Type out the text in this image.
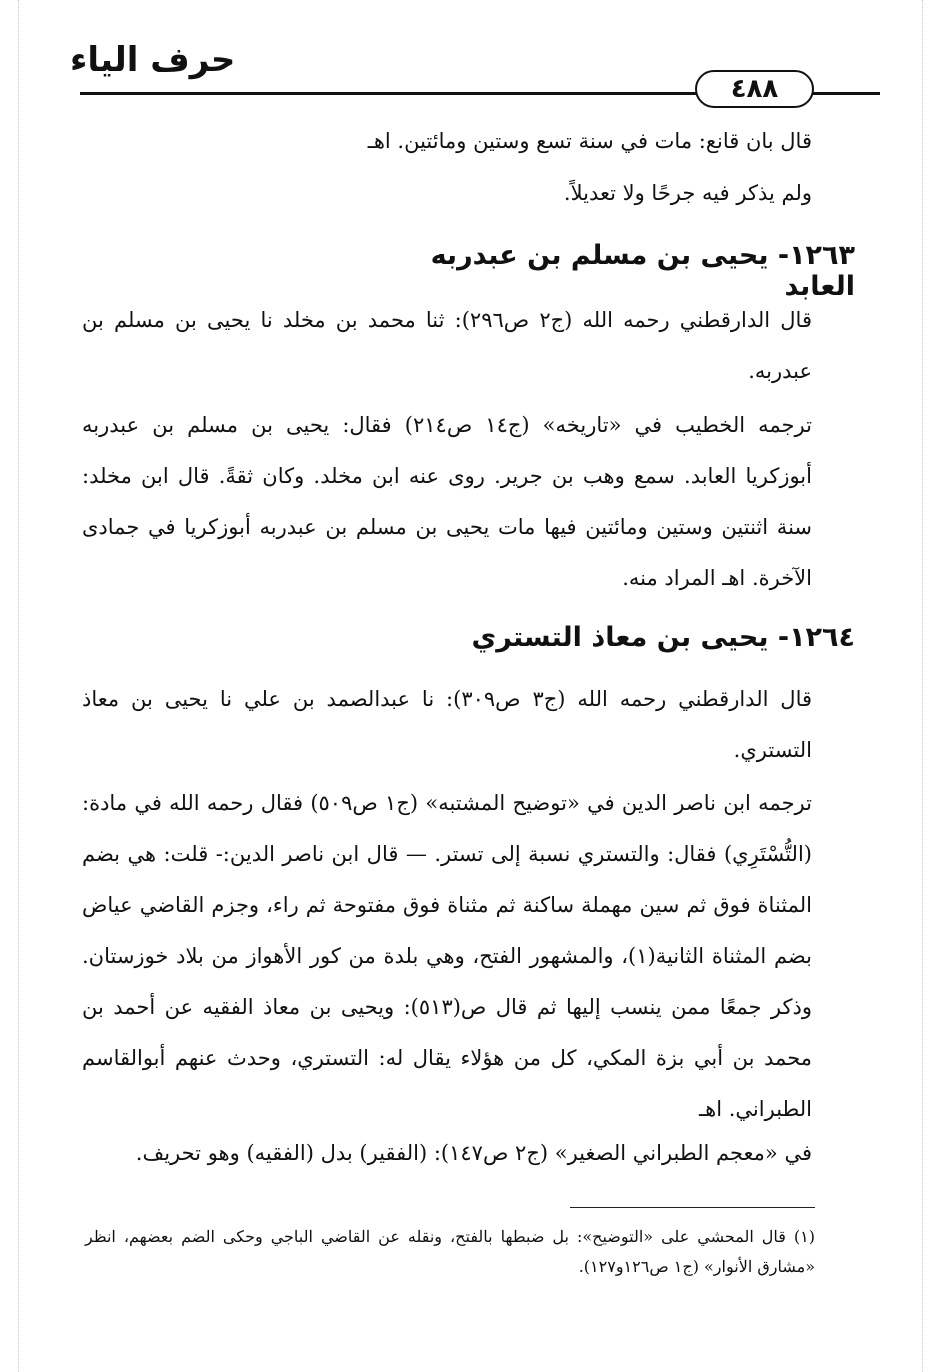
حرف الياء
٤٨٨
قال بان قانع: مات في سنة تسع وستين ومائتين. اهـ
ولم يذكر فيه جرحًا ولا تعديلاً.
١٢٦٣- يحيى بن مسلم بن عبدربه العابد
قال الدارقطني رحمه الله (ج٢ ص٢٩٦): ثنا محمد بن مخلد نا يحيى بن مسلم بن عبدربه.
ترجمه الخطيب في «تاريخه» (ج١٤ ص٢١٤) فقال: يحيى بن مسلم بن عبدربه أبوزكريا العابد. سمع وهب بن جرير. روى عنه ابن مخلد. وكان ثقةً. قال ابن مخلد: سنة اثنتين وستين ومائتين فيها مات يحيى بن مسلم بن عبدربه أبوزكريا في جمادى الآخرة. اهـ المراد منه.
١٢٦٤- يحيى بن معاذ التستري
قال الدارقطني رحمه الله (ج٣ ص٣٠٩): نا عبدالصمد بن علي نا يحيى بن معاذ التستري.
ترجمه ابن ناصر الدين في «توضيح المشتبه» (ج١ ص٥٠٩) فقال رحمه الله في مادة: (التُّسْتَرِي) فقال: والتستري نسبة إلى تستر. — قال ابن ناصر الدين:- قلت: هي بضم المثناة فوق ثم سين مهملة ساكنة ثم مثناة فوق مفتوحة ثم راء، وجزم القاضي عياض بضم المثناة الثانية(١)، والمشهور الفتح، وهي بلدة من كور الأهواز من بلاد خوزستان. وذكر جمعًا ممن ينسب إليها ثم قال ص(٥١٣): ويحيى بن معاذ الفقيه عن أحمد بن محمد بن أبي بزة المكي، كل من هؤلاء يقال له: التستري، وحدث عنهم أبوالقاسم الطبراني. اهـ
في «معجم الطبراني الصغير» (ج٢ ص١٤٧): (الفقير) بدل (الفقيه) وهو تحريف.
(١) قال المحشي على «التوضيح»: بل ضبطها بالفتح، ونقله عن القاضي الباجي وحكى الضم بعضهم، انظر «مشارق الأنوار» (ج١ ص١٢٦و١٢٧).
